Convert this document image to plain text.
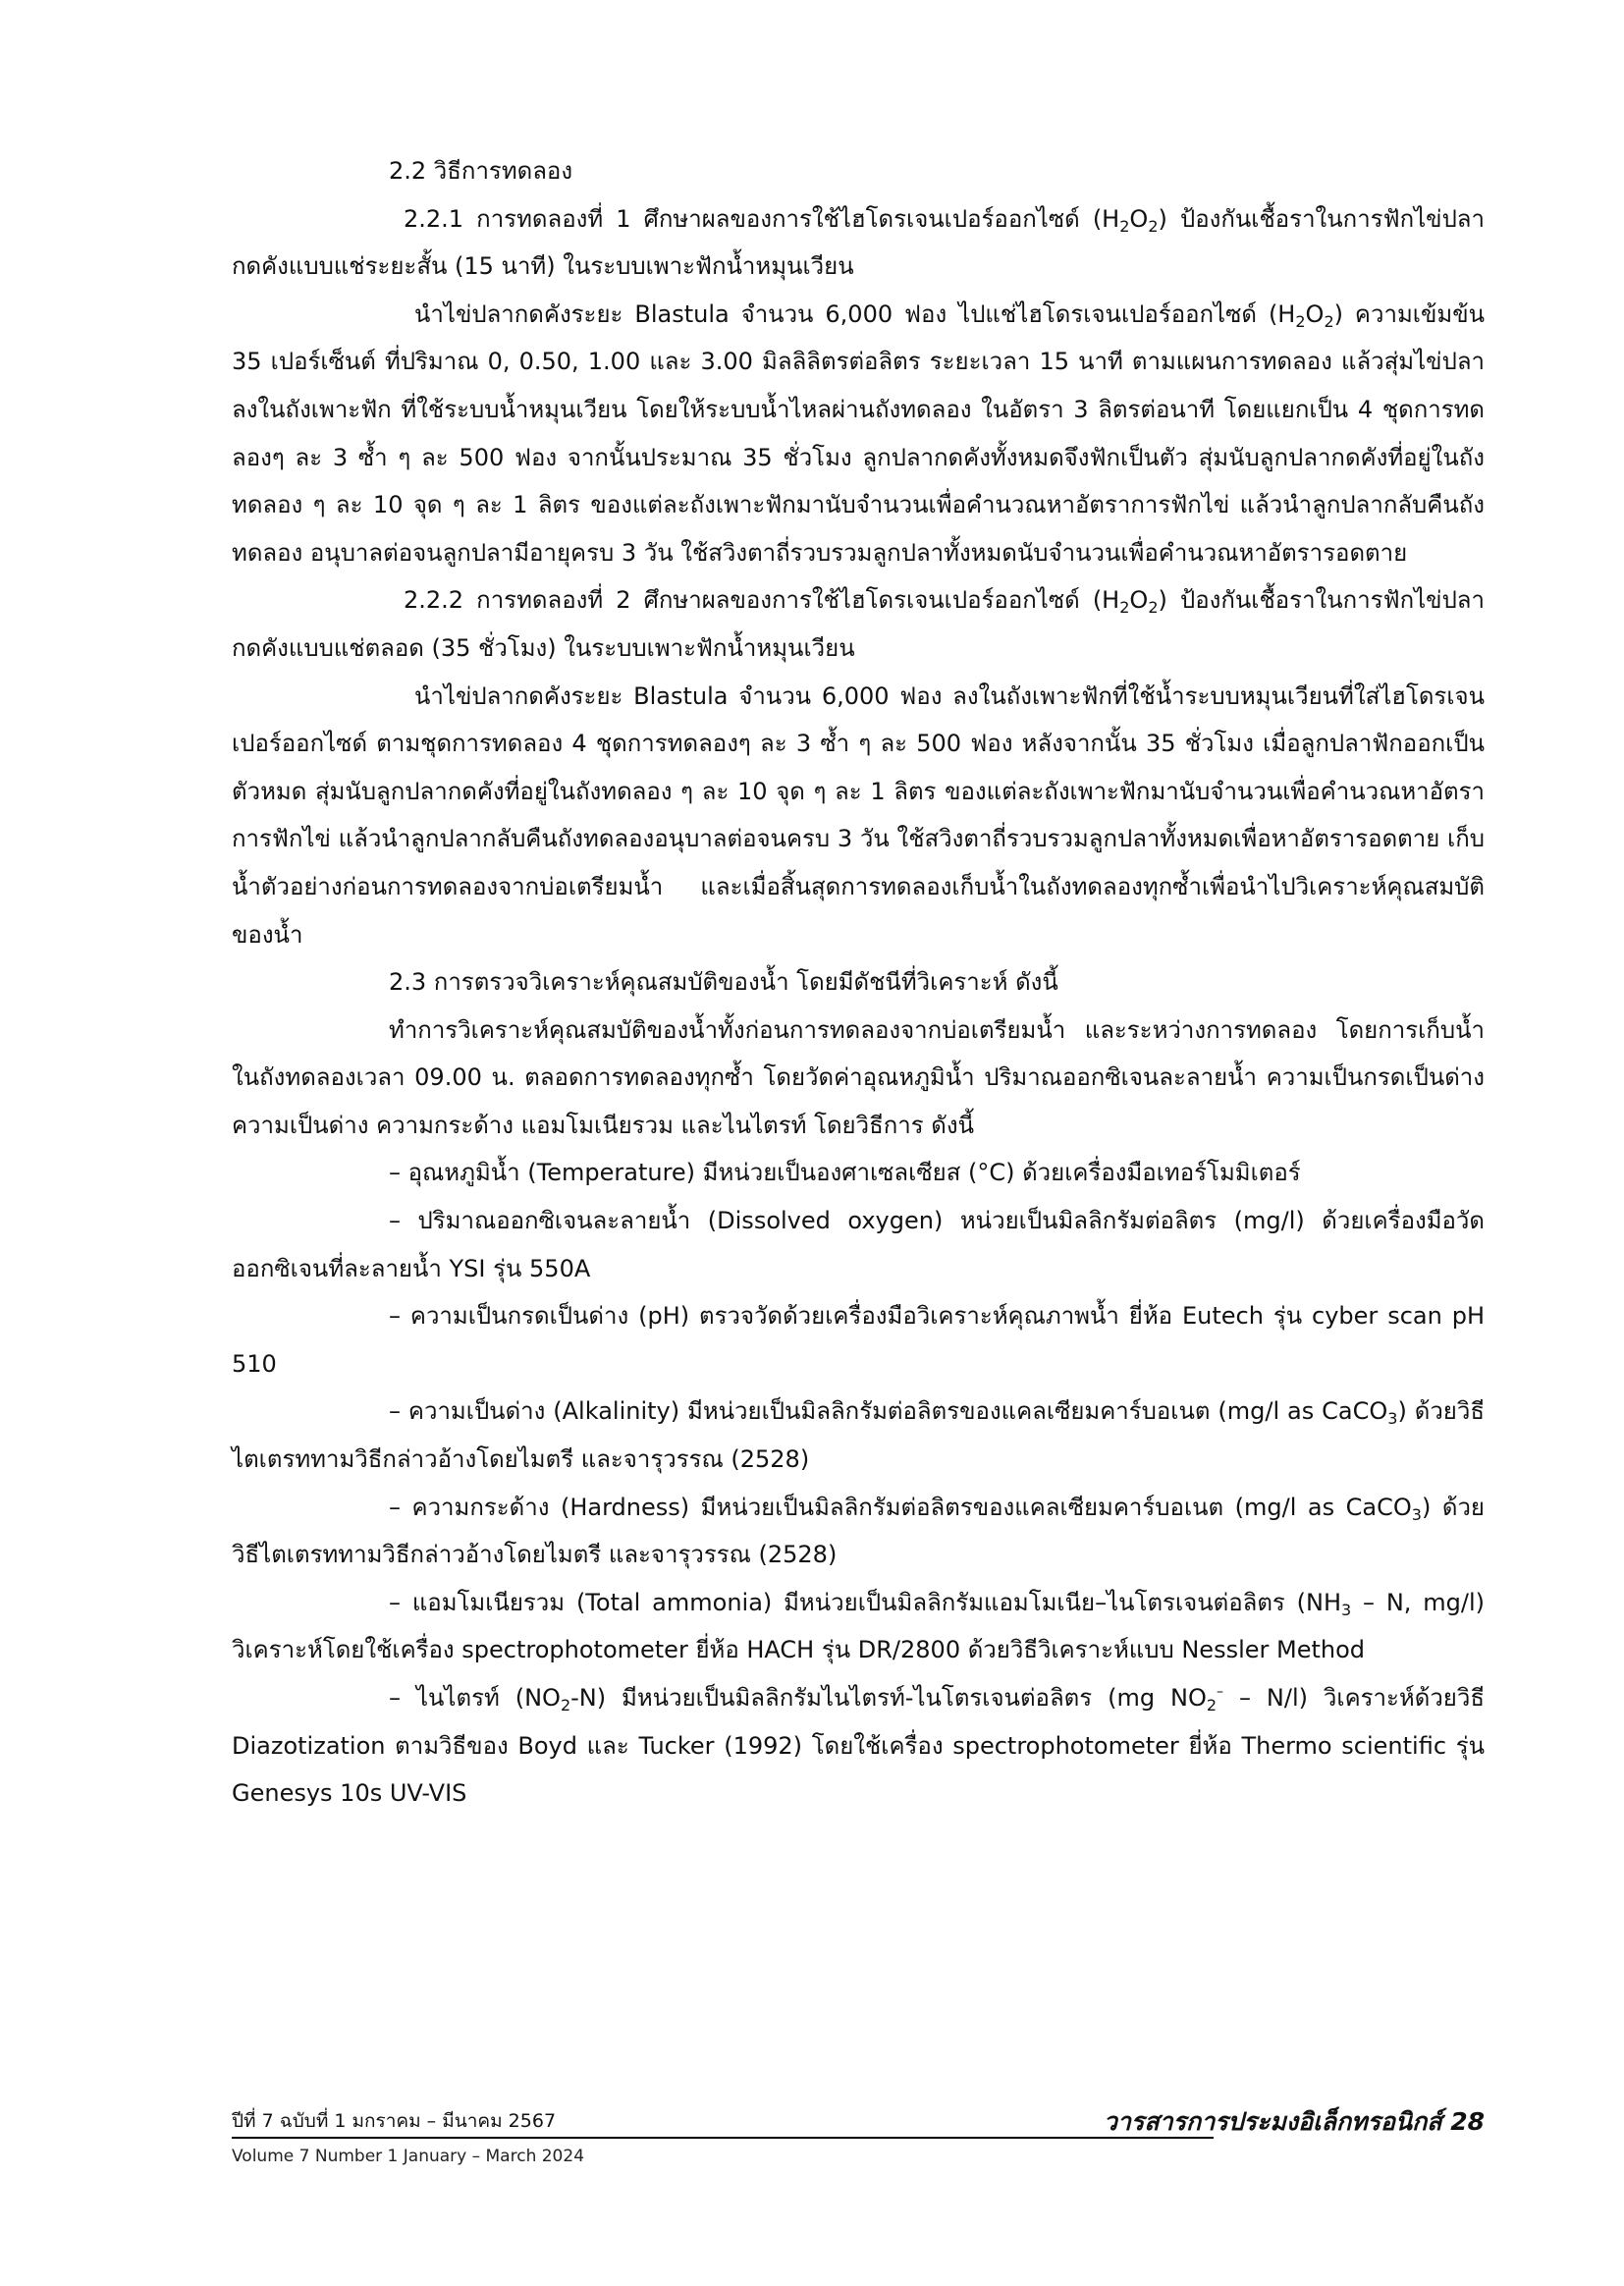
2.2 วิธีการทดลอง

2.2.1 การทดลองที่ 1 ศึกษาผลของการใช้ไฮโดรเจนเปอร์ออกไซด์ $(H_2O_2)$ ป้องกันเชื้อราในการฟักไข่ปลากดคังแบบแช่ระยะสั้น (15 นาที) ในระบบเพาะฟักน้ำหมุนเวียน

นำไข่ปลากดคังระยะ Blastula จำนวน 6,000 ฟอง ไปแช่ไฮโดรเจนเปอร์ออกไซด์ $(H_2O_2)$ ความเข้มข้น 35 เปอร์เซ็นต์ ที่ปริมาณ 0, 0.50, 1.00 และ 3.00 มิลลิลิตรต่อลิตร ระยะเวลา 15 นาที ตามแผนการทดลอง แล้วสุ่มไข่ปลาลงในถังเพาะฟัก ที่ใช้ระบบน้ำหมุนเวียน โดยให้ระบบน้ำไหลผ่านถังทดลอง ในอัตรา 3 ลิตรต่อนาที โดยแยกเป็น 4 ชุดการทดลองๆ ละ 3 ซ้ำ ๆ ละ 500 ฟอง จากนั้นประมาณ 35 ชั่วโมง ลูกปลากดคังทั้งหมดจึงฟักเป็นตัว สุ่มนับลูกปลากดคังที่อยู่ในถังทดลอง ๆ ละ 10 จุด ๆ ละ 1 ลิตร ของแต่ละถังเพาะฟักมานับจำนวนเพื่อคำนวณหาอัตราการฟักไข่ แล้วนำลูกปลากลับคืนถังทดลอง อนุบาลต่อจนลูกปลามีอายุครบ 3 วัน ใช้สวิงตาถี่รวบรวมลูกปลาทั้งหมดนับจำนวนเพื่อคำนวณหาอัตรารอดตาย

2.2.2 การทดลองที่ 2 ศึกษาผลของการใช้ไฮโดรเจนเปอร์ออกไซด์ $(H_2O_2)$ ป้องกันเชื้อราในการฟักไข่ปลากดคังแบบแช่ตลอด (35 ชั่วโมง) ในระบบเพาะฟักน้ำหมุนเวียน

นำไข่ปลากดคังระยะ Blastula จำนวน 6,000 ฟอง ลงในถังเพาะฟักที่ใช้น้ำระบบหมุนเวียนที่ใส่ไฮโดรเจนเปอร์ออกไซด์ ตามชุดการทดลอง 4 ชุดการทดลองๆ ละ 3 ซ้ำ ๆ ละ 500 ฟอง หลังจากนั้น 35 ชั่วโมง เมื่อลูกปลาฟักออกเป็นตัวหมด สุ่มนับลูกปลากดคังที่อยู่ในถังทดลอง ๆ ละ 10 จุด ๆ ละ 1 ลิตร ของแต่ละถังเพาะฟักมานับจำนวนเพื่อคำนวณหาอัตราการฟักไข่ แล้วนำลูกปลากลับคืนถังทดลองอนุบาลต่อจนครบ 3 วัน ใช้สวิงตาถี่รวบรวมลูกปลาทั้งหมดเพื่อหาอัตรารอดตาย เก็บน้ำตัวอย่างก่อนการทดลองจากบ่อเตรียมน้ำ และเมื่อสิ้นสุดการทดลองเก็บน้ำในถังทดลองทุกซ้ำเพื่อนำไปวิเคราะห์คุณสมบัติของน้ำ

2.3 การตรวจวิเคราะห์คุณสมบัติของน้ำ โดยมีดัชนีที่วิเคราะห์ ดังนี้

ทำการวิเคราะห์คุณสมบัติของน้ำทั้งก่อนการทดลองจากบ่อเตรียมน้ำ และระหว่างการทดลอง โดยการเก็บน้ำในถังทดลองเวลา 09.00 น. ตลอดการทดลองทุกซ้ำ โดยวัดค่าอุณหภูมิน้ำ ปริมาณออกซิเจนละลายน้ำ ความเป็นกรดเป็นด่าง ความเป็นด่าง ความกระด้าง แอมโมเนียรวม และไนไตรท์ โดยวิธีการ ดังนี้

– อุณหภูมิน้ำ (Temperature) มีหน่วยเป็นองศาเซลเซียส (°C) ด้วยเครื่องมือเทอร์โมมิเตอร์

– ปริมาณออกซิเจนละลายน้ำ (Dissolved oxygen) หน่วยเป็นมิลลิกรัมต่อลิตร (mg/l) ด้วยเครื่องมือวัดออกซิเจนที่ละลายน้ำ YSI รุ่น 550A

– ความเป็นกรดเป็นด่าง (pH) ตรวจวัดด้วยเครื่องมือวิเคราะห์คุณภาพน้ำ ยี่ห้อ Eutech รุ่น cyber scan pH 510

– ความเป็นด่าง (Alkalinity) มีหน่วยเป็นมิลลิกรัมต่อลิตรของแคลเซียมคาร์บอเนต (mg/l as CaCO$_3$) ด้วยวิธีไตเตรททามวิธีกล่าวอ้างโดยไมตรี และจารุวรรณ (2528)

– ความกระด้าง (Hardness) มีหน่วยเป็นมิลลิกรัมต่อลิตรของแคลเซียมคาร์บอเนต (mg/l as CaCO$_3$) ด้วยวิธีไตเตรททามวิธีกล่าวอ้างโดยไมตรี และจารุวรรณ (2528)

– แอมโมเนียรวม (Total ammonia) มีหน่วยเป็นมิลลิกรัมแอมโมเนีย–ไนโตรเจนต่อลิตร ($NH_3$ – N, mg/l) วิเคราะห์โดยใช้เครื่อง spectrophotometer ยี่ห้อ HACH รุ่น DR/2800 ด้วยวิธีวิเคราะห์แบบ Nessler Method

– ไนไตรท์ $(NO_2-N)$ มีหน่วยเป็นมิลลิกรัมไนไตรท์-ไนโตรเจนต่อลิตร (mg $NO_2^- - N/l$) วิเคราะห์ด้วยวิธี Diazotization ตามวิธีของ Boyd และ Tucker (1992) โดยใช้เครื่อง spectrophotometer ยี่ห้อ Thermo scientific รุ่น Genesys 10s UV-VIS

ปีที่ 7 ฉบับที่ 1 มกราคม – มีนาคม 2567
Volume 7 Number 1 January – March 2024
วารสารการประมงอิเล็กทรอนิกส์ 28
